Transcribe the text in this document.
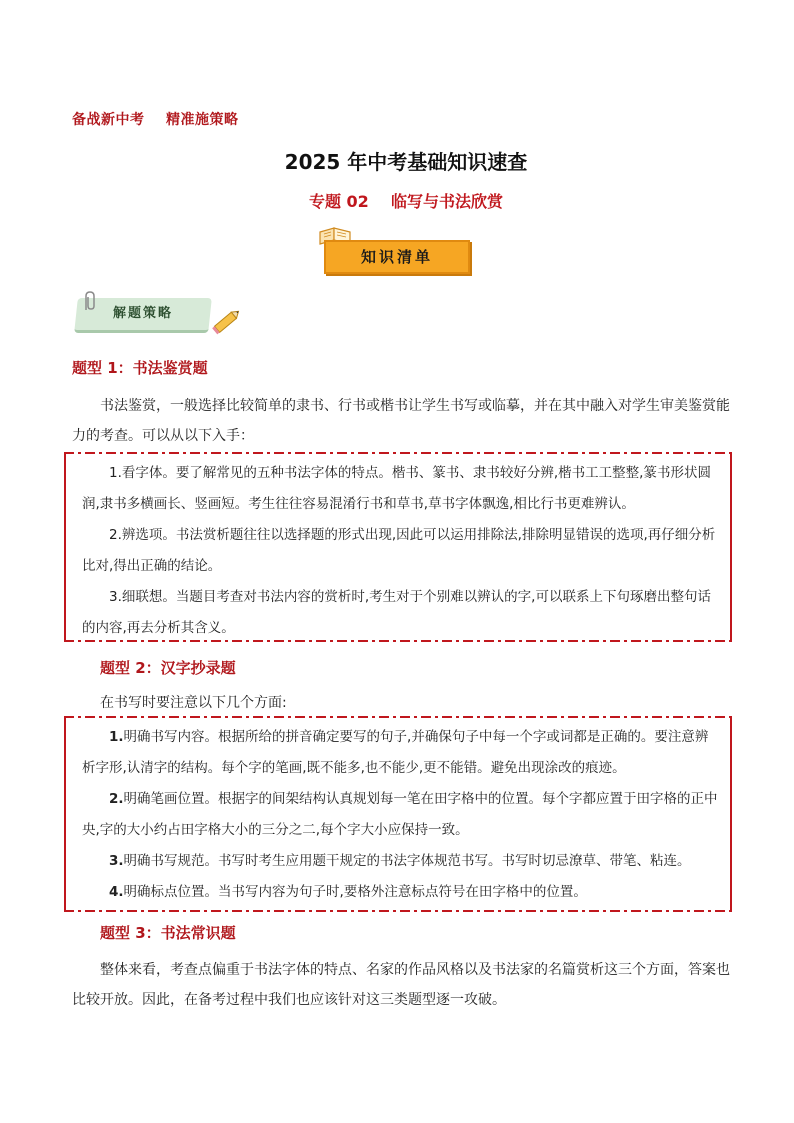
备战新中考    精准施策略
2025 年中考基础知识速查
专题 02    临写与书法欣赏
知识清单
解题策略
题型 1：书法鉴赏题
书法鉴赏，一般选择比较简单的隶书、行书或楷书让学生书写或临摹，并在其中融入对学生审美鉴赏能力的考查。可以从以下入手：

1.看字体。要了解常见的五种书法字体的特点。楷书、篆书、隶书较好分辨,楷书工工整整,篆书形状圆润,隶书多横画长、竖画短。考生往往容易混淆行书和草书,草书字体飘逸,相比行书更难辨认。

2.辨选项。书法赏析题往往以选择题的形式出现,因此可以运用排除法,排除明显错误的选项,再仔细分析比对,得出正确的结论。

3.细联想。当题目考查对书法内容的赏析时,考生对于个别难以辨认的字,可以联系上下句琢磨出整句话的内容,再去分析其含义。

题型 2：汉字抄录题
在书写时要注意以下几个方面:

1.明确书写内容。根据所给的拼音确定要写的句子,并确保句子中每一个字或词都是正确的。要注意辨析字形,认清字的结构。每个字的笔画,既不能多,也不能少,更不能错。避免出现涂改的痕迹。

2.明确笔画位置。根据字的间架结构认真规划每一笔在田字格中的位置。每个字都应置于田字格的正中央,字的大小约占田字格大小的三分之二,每个字大小应保持一致。

3.明确书写规范。书写时考生应用题干规定的书法字体规范书写。书写时切忌潦草、带笔、粘连。

4.明确标点位置。当书写内容为句子时,要格外注意标点符号在田字格中的位置。

题型 3：书法常识题
整体来看，考查点偏重于书法字体的特点、名家的作品风格以及书法家的名篇赏析这三个方面，答案也比较开放。因此，在备考过程中我们也应该针对这三类题型逐一攻破。
